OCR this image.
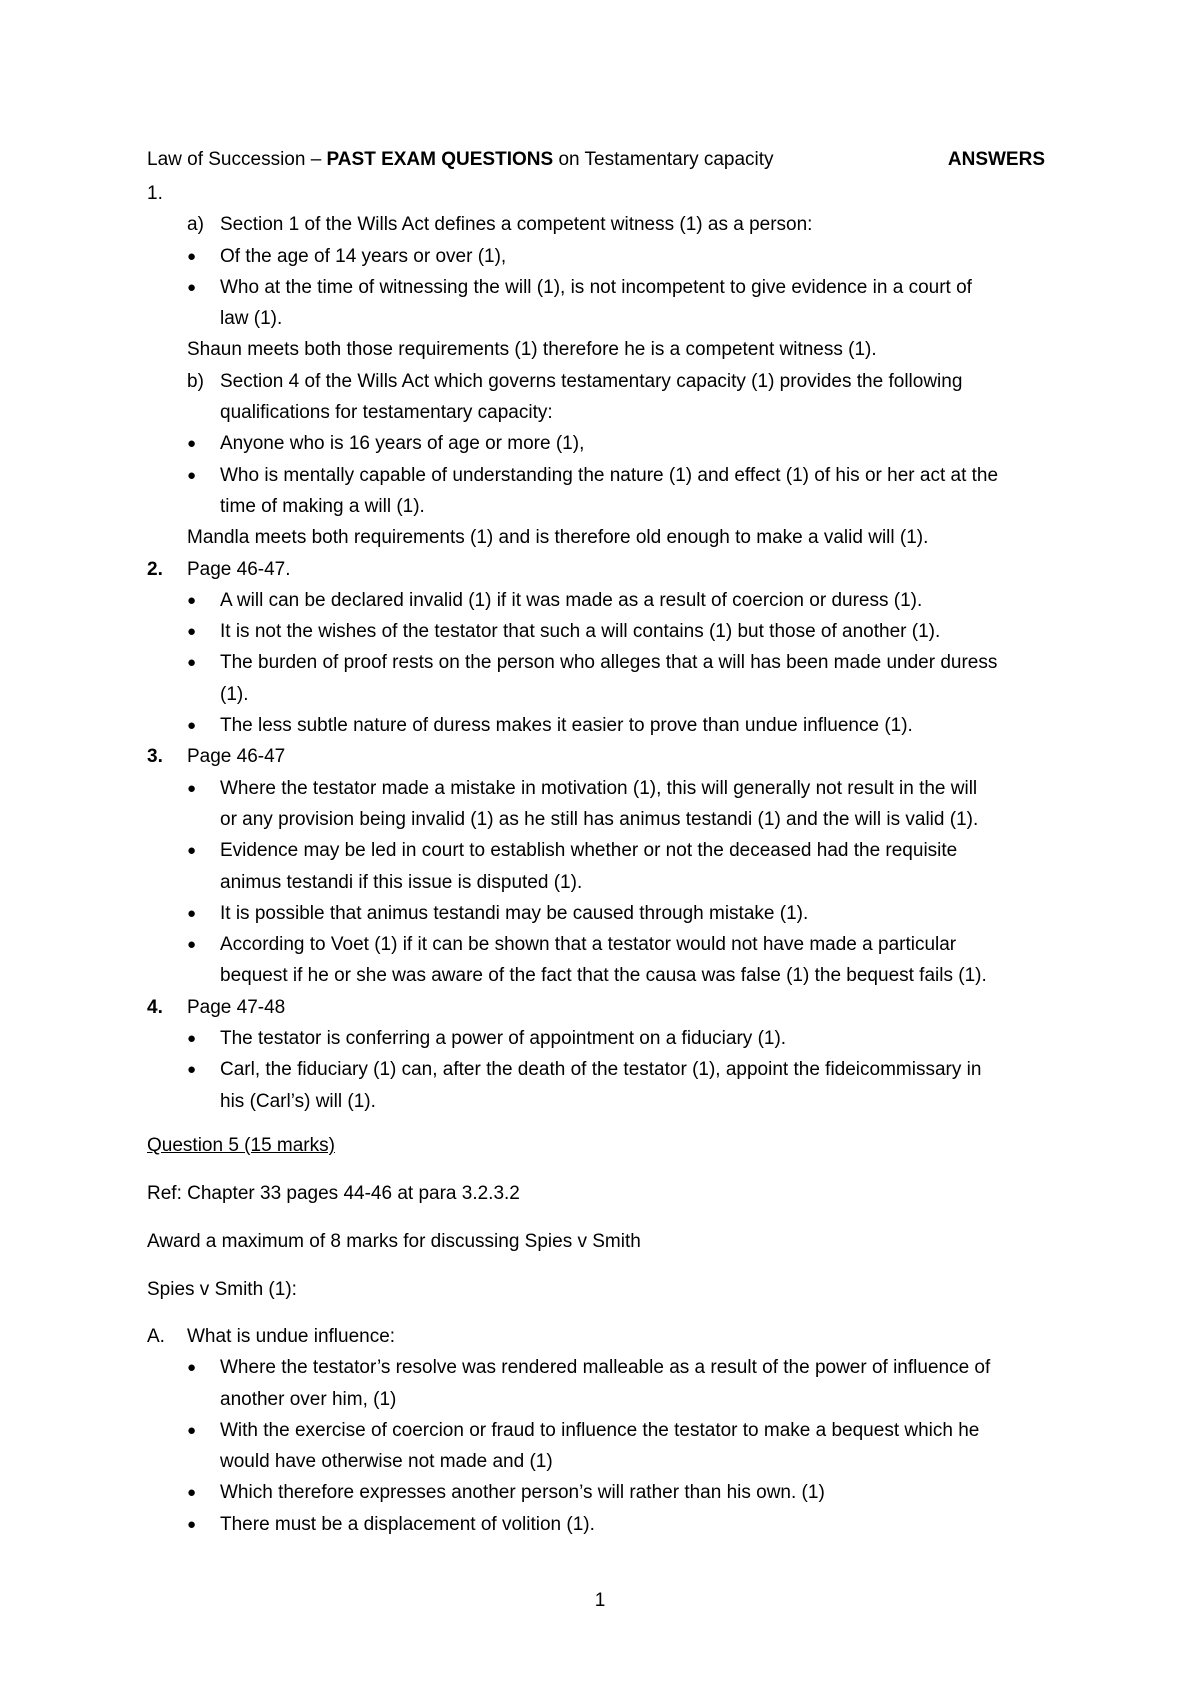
Law of Succession – PAST EXAM QUESTIONS on Testamentary capacity	ANSWERS
1.

a) Section 1 of the Wills Act defines a competent witness (1) as a person:
● Of the age of 14 years or over (1),
● Who at the time of witnessing the will (1), is not incompetent to give evidence in a court of
law (1).
Shaun meets both those requirements (1) therefore he is a competent witness (1).
b) Section 4 of the Wills Act which governs testamentary capacity (1) provides the following
qualifications for testamentary capacity:
● Anyone who is 16 years of age or more (1),
● Who is mentally capable of understanding the nature (1) and effect (1) of his or her act at the
time of making a will (1).
Mandla meets both requirements (1) and is therefore old enough to make a valid will (1).
2. Page 46-47.
● A will can be declared invalid (1) if it was made as a result of coercion or duress (1).
● It is not the wishes of the testator that such a will contains (1) but those of another (1).
● The burden of proof rests on the person who alleges that a will has been made under duress
(1).
● The less subtle nature of duress makes it easier to prove than undue influence (1).
3. Page 46-47
● Where the testator made a mistake in motivation (1), this will generally not result in the will
or any provision being invalid (1) as he still has animus testandi (1) and the will is valid (1).
● Evidence may be led in court to establish whether or not the deceased had the requisite
animus testandi if this issue is disputed (1).
● It is possible that animus testandi may be caused through mistake (1).
● According to Voet (1) if it can be shown that a testator would not have made a particular
bequest if he or she was aware of the fact that the causa was false (1) the bequest fails (1).
4. Page 47-48
● The testator is conferring a power of appointment on a fiduciary (1).
● Carl, the fiduciary (1) can, after the death of the testator (1), appoint the fideicommissary in
his (Carl’s) will (1).

Question 5 (15 marks)

Ref: Chapter 33 pages 44-46 at para 3.2.3.2

Award a maximum of 8 marks for discussing Spies v Smith

Spies v Smith (1):

A. What is undue influence:
● Where the testator’s resolve was rendered malleable as a result of the power of influence of
another over him, (1)
● With the exercise of coercion or fraud to influence the testator to make a bequest which he
would have otherwise not made and (1)
● Which therefore expresses another person’s will rather than his own. (1)
● There must be a displacement of volition (1).
1
